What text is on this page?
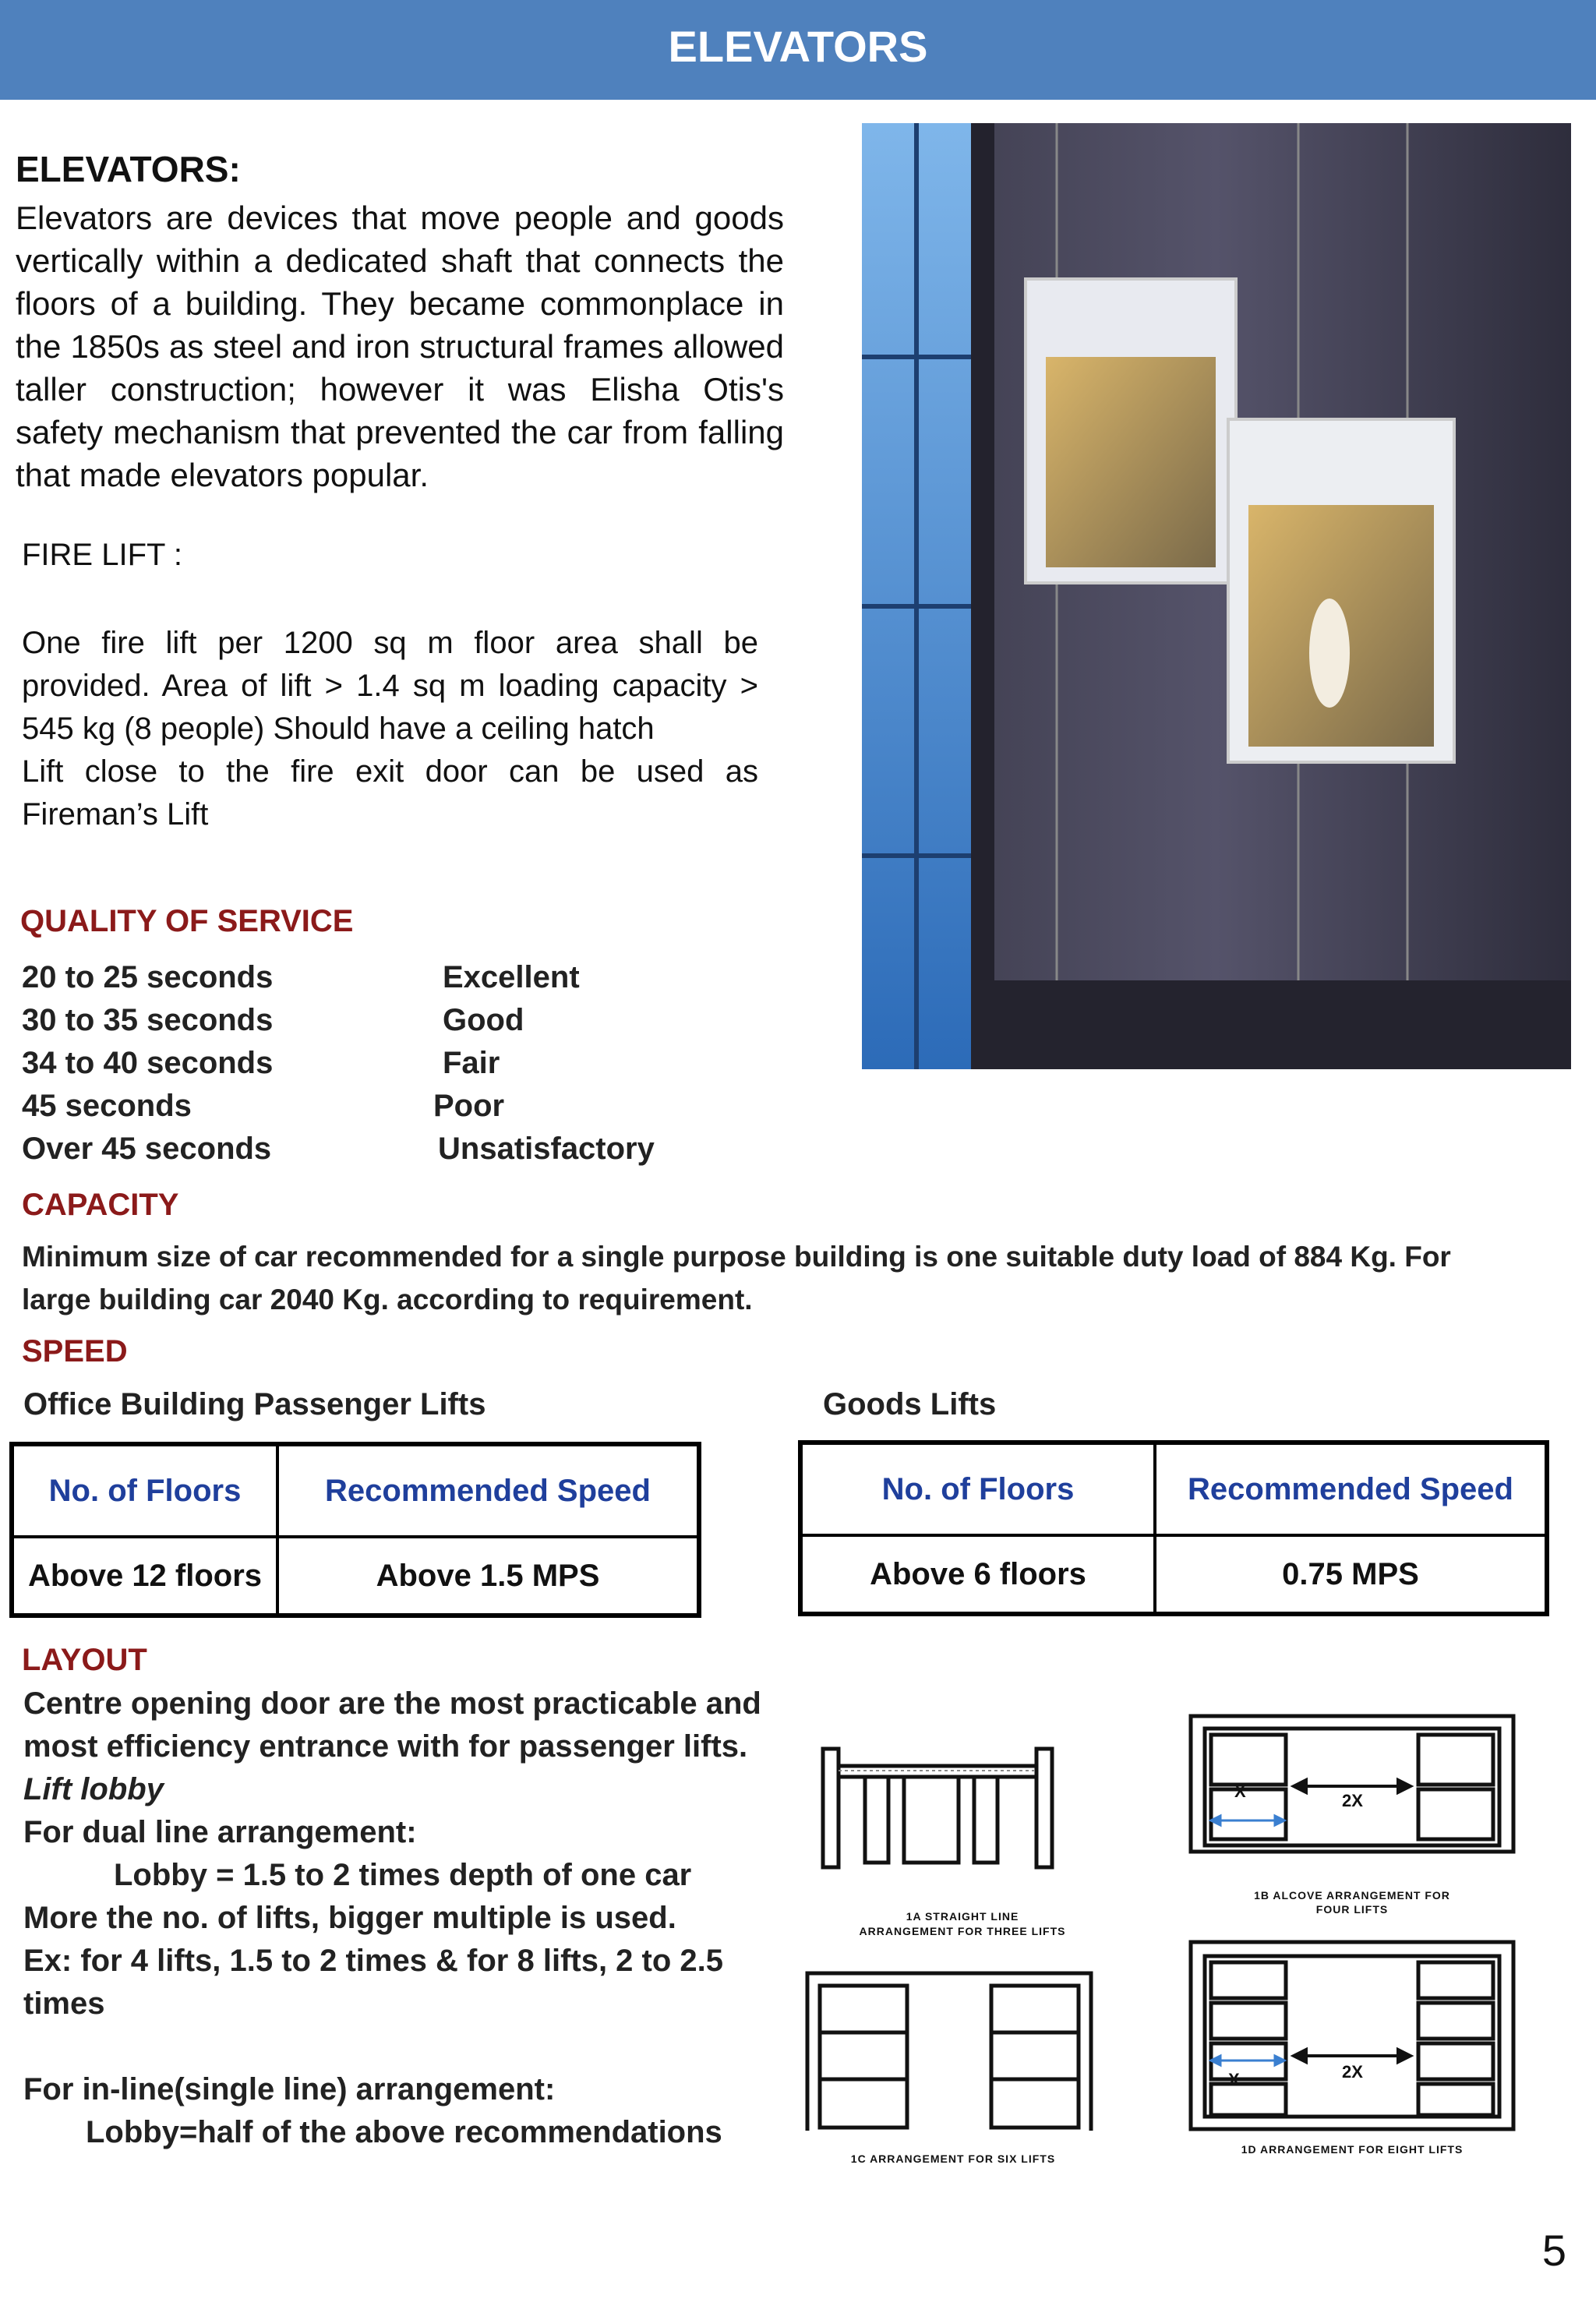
ELEVATORS
ELEVATORS:
Elevators are devices that move people and goods vertically within a dedicated shaft that connects the floors of a building. They became commonplace in the 1850s as steel and iron structural frames allowed taller construction; however it was Elisha Otis's safety mechanism that prevented the car from falling that made elevators popular.
FIRE LIFT :
One fire lift per 1200 sq m floor area shall be provided. Area of lift > 1.4 sq m loading capacity > 545 kg (8 people) Should have a ceiling hatch
Lift close to the fire exit door can be used as Fireman’s Lift
QUALITY OF SERVICE
20 to 25 seconds	Excellent
30 to 35 seconds	Good
34 to 40 seconds	Fair
45 seconds	Poor
Over 45 seconds	Unsatisfactory
CAPACITY
Minimum size of car recommended for a single purpose building is one suitable duty load of 884 Kg. For
large building car 2040 Kg. according to requirement.
SPEED
Office Building Passenger Lifts	Goods Lifts
No. of Floors	Recommended Speed
Above 12 floors	Above 1.5 MPS
No. of Floors	Recommended Speed
Above 6 floors	0.75 MPS
LAYOUT
Centre opening door are the most practicable and
most efficiency entrance with for passenger lifts.
Lift lobby
For dual line arrangement:
Lobby = 1.5 to 2 times depth of one car
More the no. of lifts, bigger multiple is used.
Ex: for 4 lifts, 1.5 to 2 times & for 8 lifts, 2 to 2.5
times
For in-line(single line) arrangement:
Lobby=half of the above recommendations
1A STRAIGHT LINE
ARRANGEMENT FOR THREE LIFTS
X	2X
1B ALCOVE ARRANGEMENT FOR
FOUR LIFTS
1C ARRANGEMENT FOR SIX LIFTS
X	2X
1D ARRANGEMENT FOR EIGHT LIFTS
5
